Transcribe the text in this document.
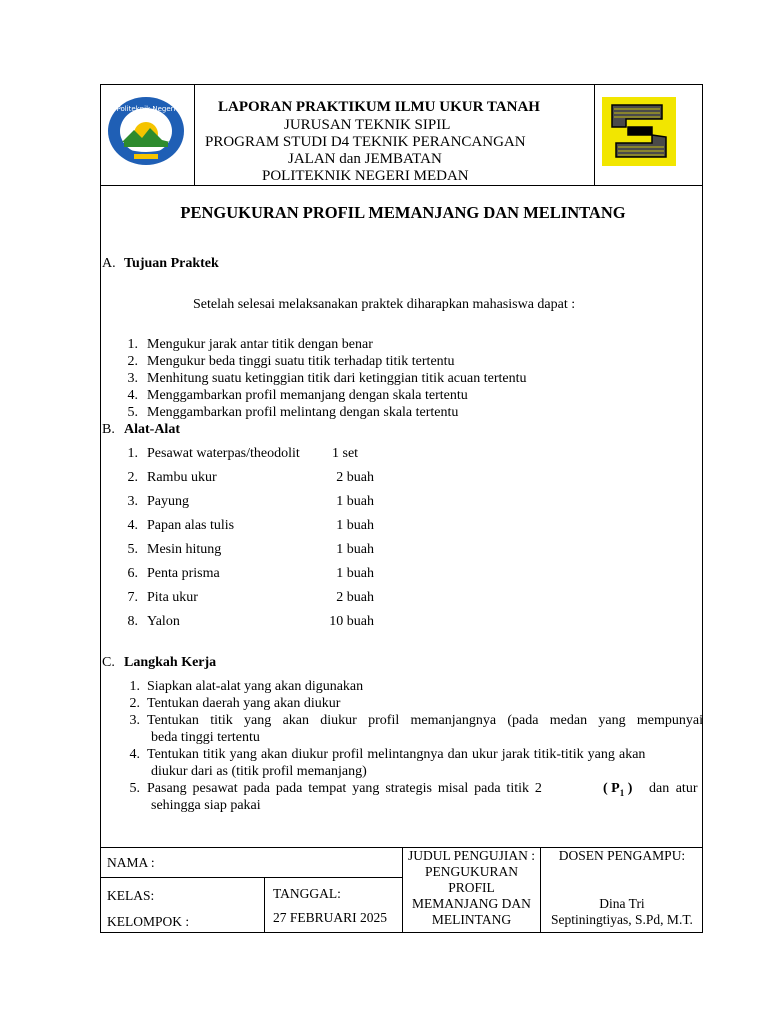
Politeknik Negeri	LAPORAN PRAKTIKUM ILMU UKUR TANAH
JURUSAN TEKNIK SIPIL
PROGRAM STUDI D4 TEKNIK PERANCANGAN
JALAN dan JEMBATAN
POLITEKNIK NEGERI MEDAN
PENGUKURAN PROFIL MEMANJANG DAN MELINTANG
A. Tujuan Praktek
Setelah selesai melaksanakan praktek diharapkan mahasiswa dapat :
1. Mengukur jarak antar titik dengan benar
2. Mengukur beda tinggi suatu titik terhadap titik tertentu
3. Menhitung suatu ketinggian titik dari ketinggian titik acuan tertentu
4. Menggambarkan profil memanjang dengan skala tertentu
5. Menggambarkan profil melintang dengan skala tertentu
B. Alat-Alat
1. Pesawat waterpas/theodolit 1 set
2. Rambu ukur	2 buah
3. Payung	1 buah
4. Papan alas tulis	1 buah
5. Mesin hitung	1 buah
6. Penta prisma	1 buah
7. Pita ukur	2 buah
8. Yalon	10 buah
C. Langkah Kerja
1. Siapkan alat-alat yang akan digunakan
2. Tentukan daerah yang akan diukur
3. Tentukan titik yang akan diukur profil memanjangnya (pada medan yang mempunyai
beda tinggi tertentu
4. Tentukan titik yang akan diukur profil melintangnya dan ukur jarak titik-titik yang akan
diukur dari as (titik profil memanjang)
5. Pasang pesawat pada pada tempat yang strategis misal pada titik 2	( $P_1$ ) dan atur
sehingga siap pakai
NAMA :
KELAS:
KELOMPOK :
TANGGAL:
27 FEBRUARI 2025
JUDUL PENGUJIAN :
PENGUKURAN
PROFIL
MEMANJANG DAN
MELINTANG
DOSEN PENGAMPU:
Dina Tri
Septiningtiyas, S.Pd, M.T.
